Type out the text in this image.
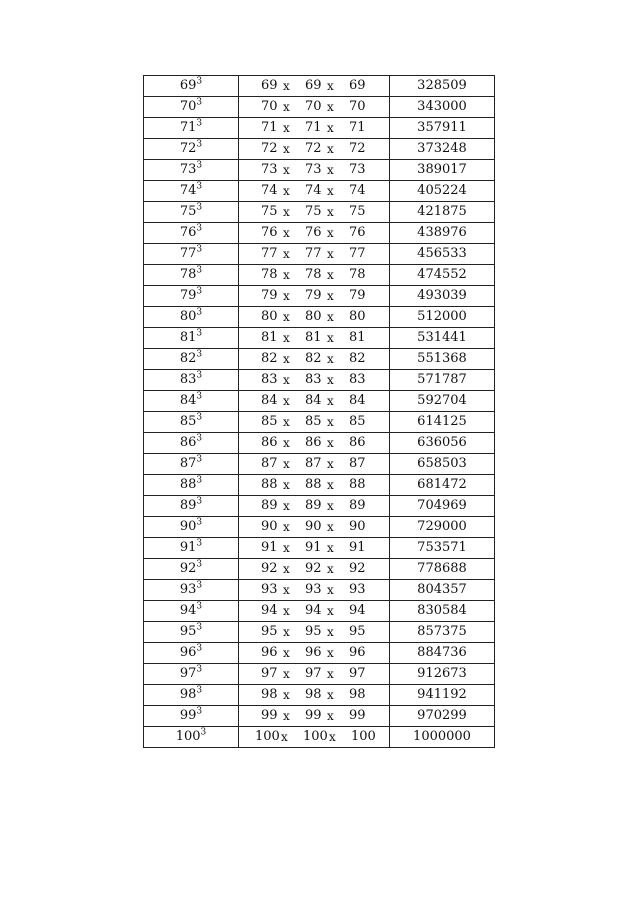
$69^3$	69 x 69 x 69	328509
$70^3$	70 x 70 x 70	343000
$71^3$	71 x 71 x 71	357911
$72^3$	72 x 72 x 72	373248
$73^3$	73 x 73 x 73	389017
$74^3$	74 x 74 x 74	405224
$75^3$	75 x 75 x 75	421875
$76^3$	76 x 76 x 76	438976
$77^3$	77 x 77 x 77	456533
$78^3$	78 x 78 x 78	474552
$79^3$	79 x 79 x 79	493039
$80^3$	80 x 80 x 80	512000
$81^3$	81 x 81 x 81	531441
$82^3$	82 x 82 x 82	551368
$83^3$	83 x 83 x 83	571787
$84^3$	84 x 84 x 84	592704
$85^3$	85 x 85 x 85	614125
$86^3$	86 x 86 x 86	636056
$87^3$	87 x 87 x 87	658503
$88^3$	88 x 88 x 88	681472
$89^3$	89 x 89 x 89	704969
$90^3$	90 x 90 x 90	729000
$91^3$	91 x 91 x 91	753571
$92^3$	92 x 92 x 92	778688
$93^3$	93 x 93 x 93	804357
$94^3$	94 x 94 x 94	830584
$95^3$	95 x 95 x 95	857375
$96^3$	96 x 96 x 96	884736
$97^3$	97 x 97 x 97	912673
$98^3$	98 x 98 x 98	941192
$99^3$	99 x 99 x 99	970299
$100^3$	100 x 100 x 100	1000000
